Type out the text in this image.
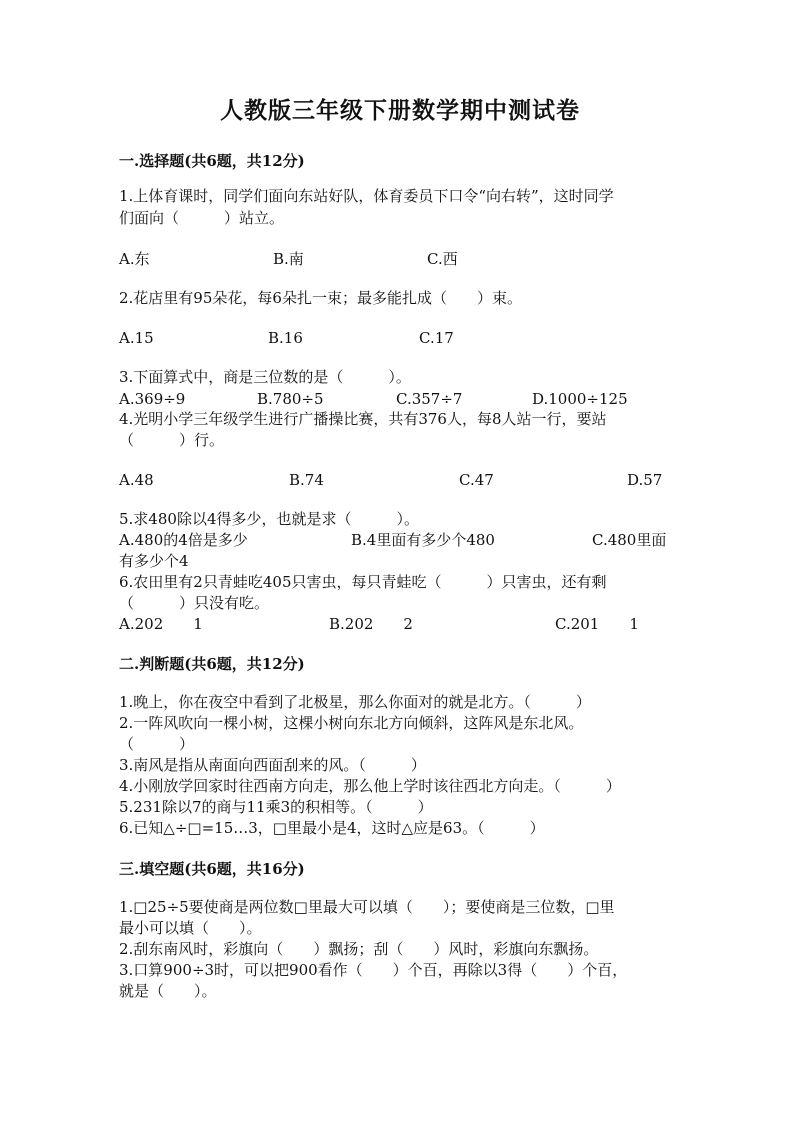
人教版三年级下册数学期中测试卷
一.选择题(共6题，共12分)
1.上体育课时，同学们面向东站好队，体育委员下口令“向右转”，这时同学
们面向（　　　）站立。
A.东	B.南	C.西
2.花店里有95朵花，每6朵扎一束；最多能扎成（　　）束。
A.15	B.16	C.17
3.下面算式中，商是三位数的是（　　　）。
A.369÷9	B.780÷5	C.357÷7	D.1000÷125
4.光明小学三年级学生进行广播操比赛，共有376人，每8人站一行，要站
（　　　）行。
A.48	B.74	C.47	D.57
5.求480除以4得多少，也就是求（　　　）。
A.480的4倍是多少	B.4里面有多少个480	C.480里面
有多少个4
6.农田里有2只青蛙吃405只害虫，每只青蛙吃（　　　）只害虫，还有剩
（　　　）只没有吃。
A.202　　1	B.202　　2	C.201　　1
二.判断题(共6题，共12分)
1.晚上，你在夜空中看到了北极星，那么你面对的就是北方。（　　　）
2.一阵风吹向一棵小树，这棵小树向东北方向倾斜，这阵风是东北风。
（　　　）
3.南风是指从南面向西面刮来的风。（　　　）
4.小刚放学回家时往西南方向走，那么他上学时该往西北方向走。（　　　）
5.231除以7的商与11乘3的积相等。（　　　）
6.已知△÷□=15…3，□里最小是4，这时△应是63。（　　　）
三.填空题(共6题，共16分)
1.□25÷5要使商是两位数□里最大可以填（　　）；要使商是三位数，□里
最小可以填（　　）。
2.刮东南风时，彩旗向（　　）飘扬；刮（　　）风时，彩旗向东飘扬。
3.口算900÷3时，可以把900看作（　　）个百，再除以3得（　　）个百，
就是（　　）。
